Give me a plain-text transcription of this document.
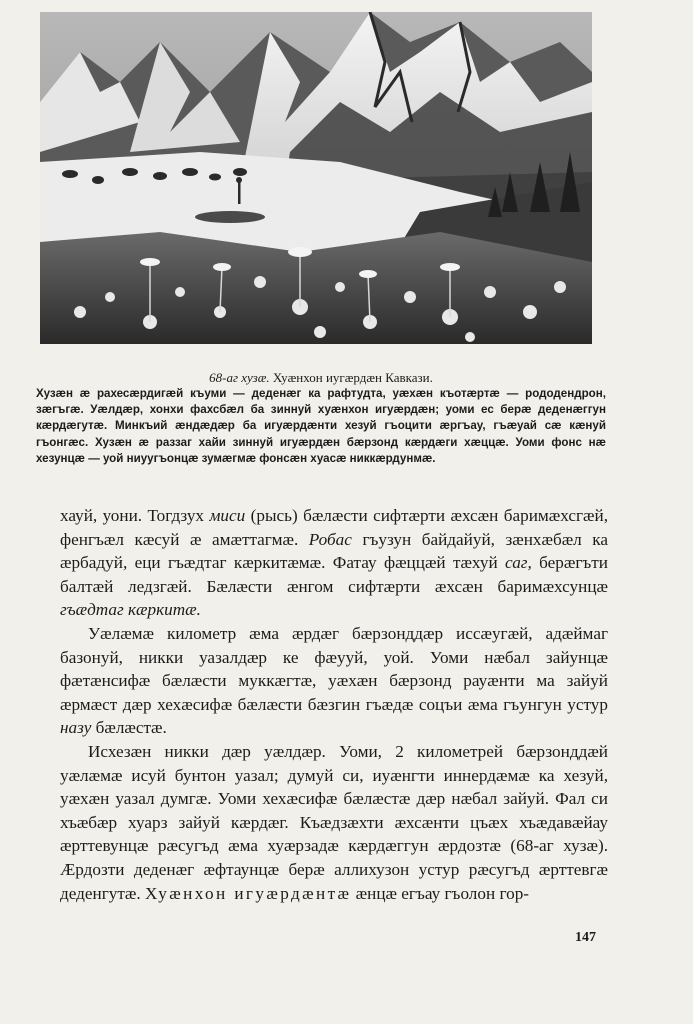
68-аг хузæ. Хуæнхон иугæрдæн Кавкази.
Хузæн æ рахесæрдигæй къуми — деденæг ка рафтудта, уæхæн къотæртæ — рододендрон, зæгъгæ. Уæлдæр, хонхи фахсбæл ба зиннуй хуæнхон игуæрдæн; уоми ес берæ деденæггун кæрдæгутæ. Минкъий æндæдæр ба игуæрдæнти хезуй гъоцити æргъау, гъæуай сæ кæнуй гъонгæс. Хузæн æ раззаг хайи зиннуй игуæрдæн бæрзонд кæрдæги хæццæ. Уоми фонс нæ хезунцæ — уой ниуугъонцæ зумæгмæ фонсæн хуасæ никкæрдунмæ.

хауй, уони. Тогдзух миси (рысь) бæлæсти сифтæрти æхсæн баримæхсгæй, фенгъæл кæсуй æ амæттагмæ. Робас гъузун байдайуй, зæнхæбæл ка æрбадуй, еци гъæдтаг кæркитæмæ. Фатау фæццæй тæхуй саг, берæгъти балтæй ледзгæй. Бæлæсти æнгом сифтæрти æхсæн баримæхсунцæ гъæдтаг кæркитæ.

Уæлæмæ километр æма æрдæг бæрзонддæр иссæугæй, адæймаг базонуй, никки уазалдæр ке фæууй, уой. Уоми нæбал зайунцæ фæтæнсифæ бæлæсти муккæгтæ, уæхæн бæрзонд рауæнти ма зайуй æрмæст дæр хехæсифæ бæлæсти бæзгин гъæдæ соцъи æма гъунгун устур назу бæлæстæ.

Исхезæн никки дæр уæлдæр. Уоми, 2 километрей бæрзонддæй уæлæмæ исуй бунтон уазал; думуй си, иуæнгти иннердæмæ ка хезуй, уæхæн уазал думгæ. Уоми хехæсифæ бæлæстæ дæр нæбал зайуй. Фал си хъæбæр хуарз зайуй кæрдæг. Къæдзæхти æхсæнти цъæх хъæдавæйау æрттевунцæ рæсугъд æма хуæрзадæ кæрдæггун æрдозтæ (68-аг хузæ). Æрдозти деденæг æфтаунцæ берæ аллихузон устур рæсугъд æрттевгæ деденгутæ. Хуæнхон игуæрдæнтæ æнцæ егъау гъолон гор-

147
